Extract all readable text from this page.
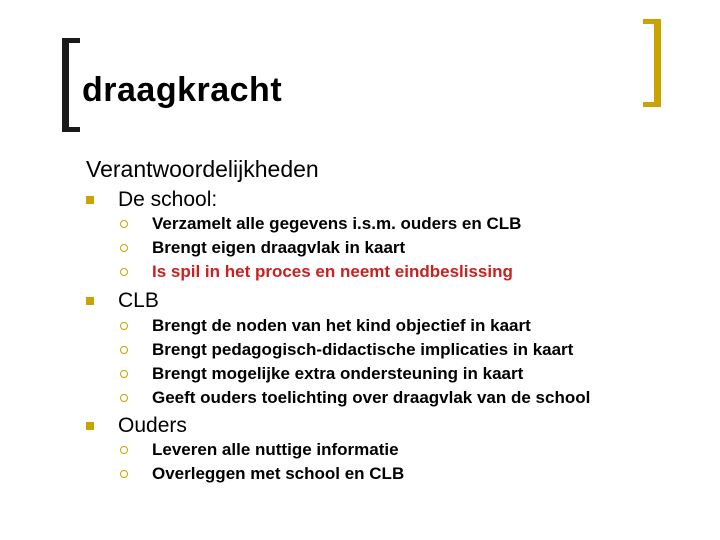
draagkracht
Verantwoordelijkheden
De school:
Verzamelt alle gegevens i.s.m. ouders en CLB
Brengt eigen draagvlak in kaart
Is spil in het proces en neemt eindbeslissing
CLB
Brengt de noden van het kind objectief in kaart
Brengt pedagogisch-didactische implicaties in kaart
Brengt mogelijke extra ondersteuning in kaart
Geeft ouders toelichting over draagvlak van de school
Ouders
Leveren alle nuttige informatie
Overleggen met school en CLB
